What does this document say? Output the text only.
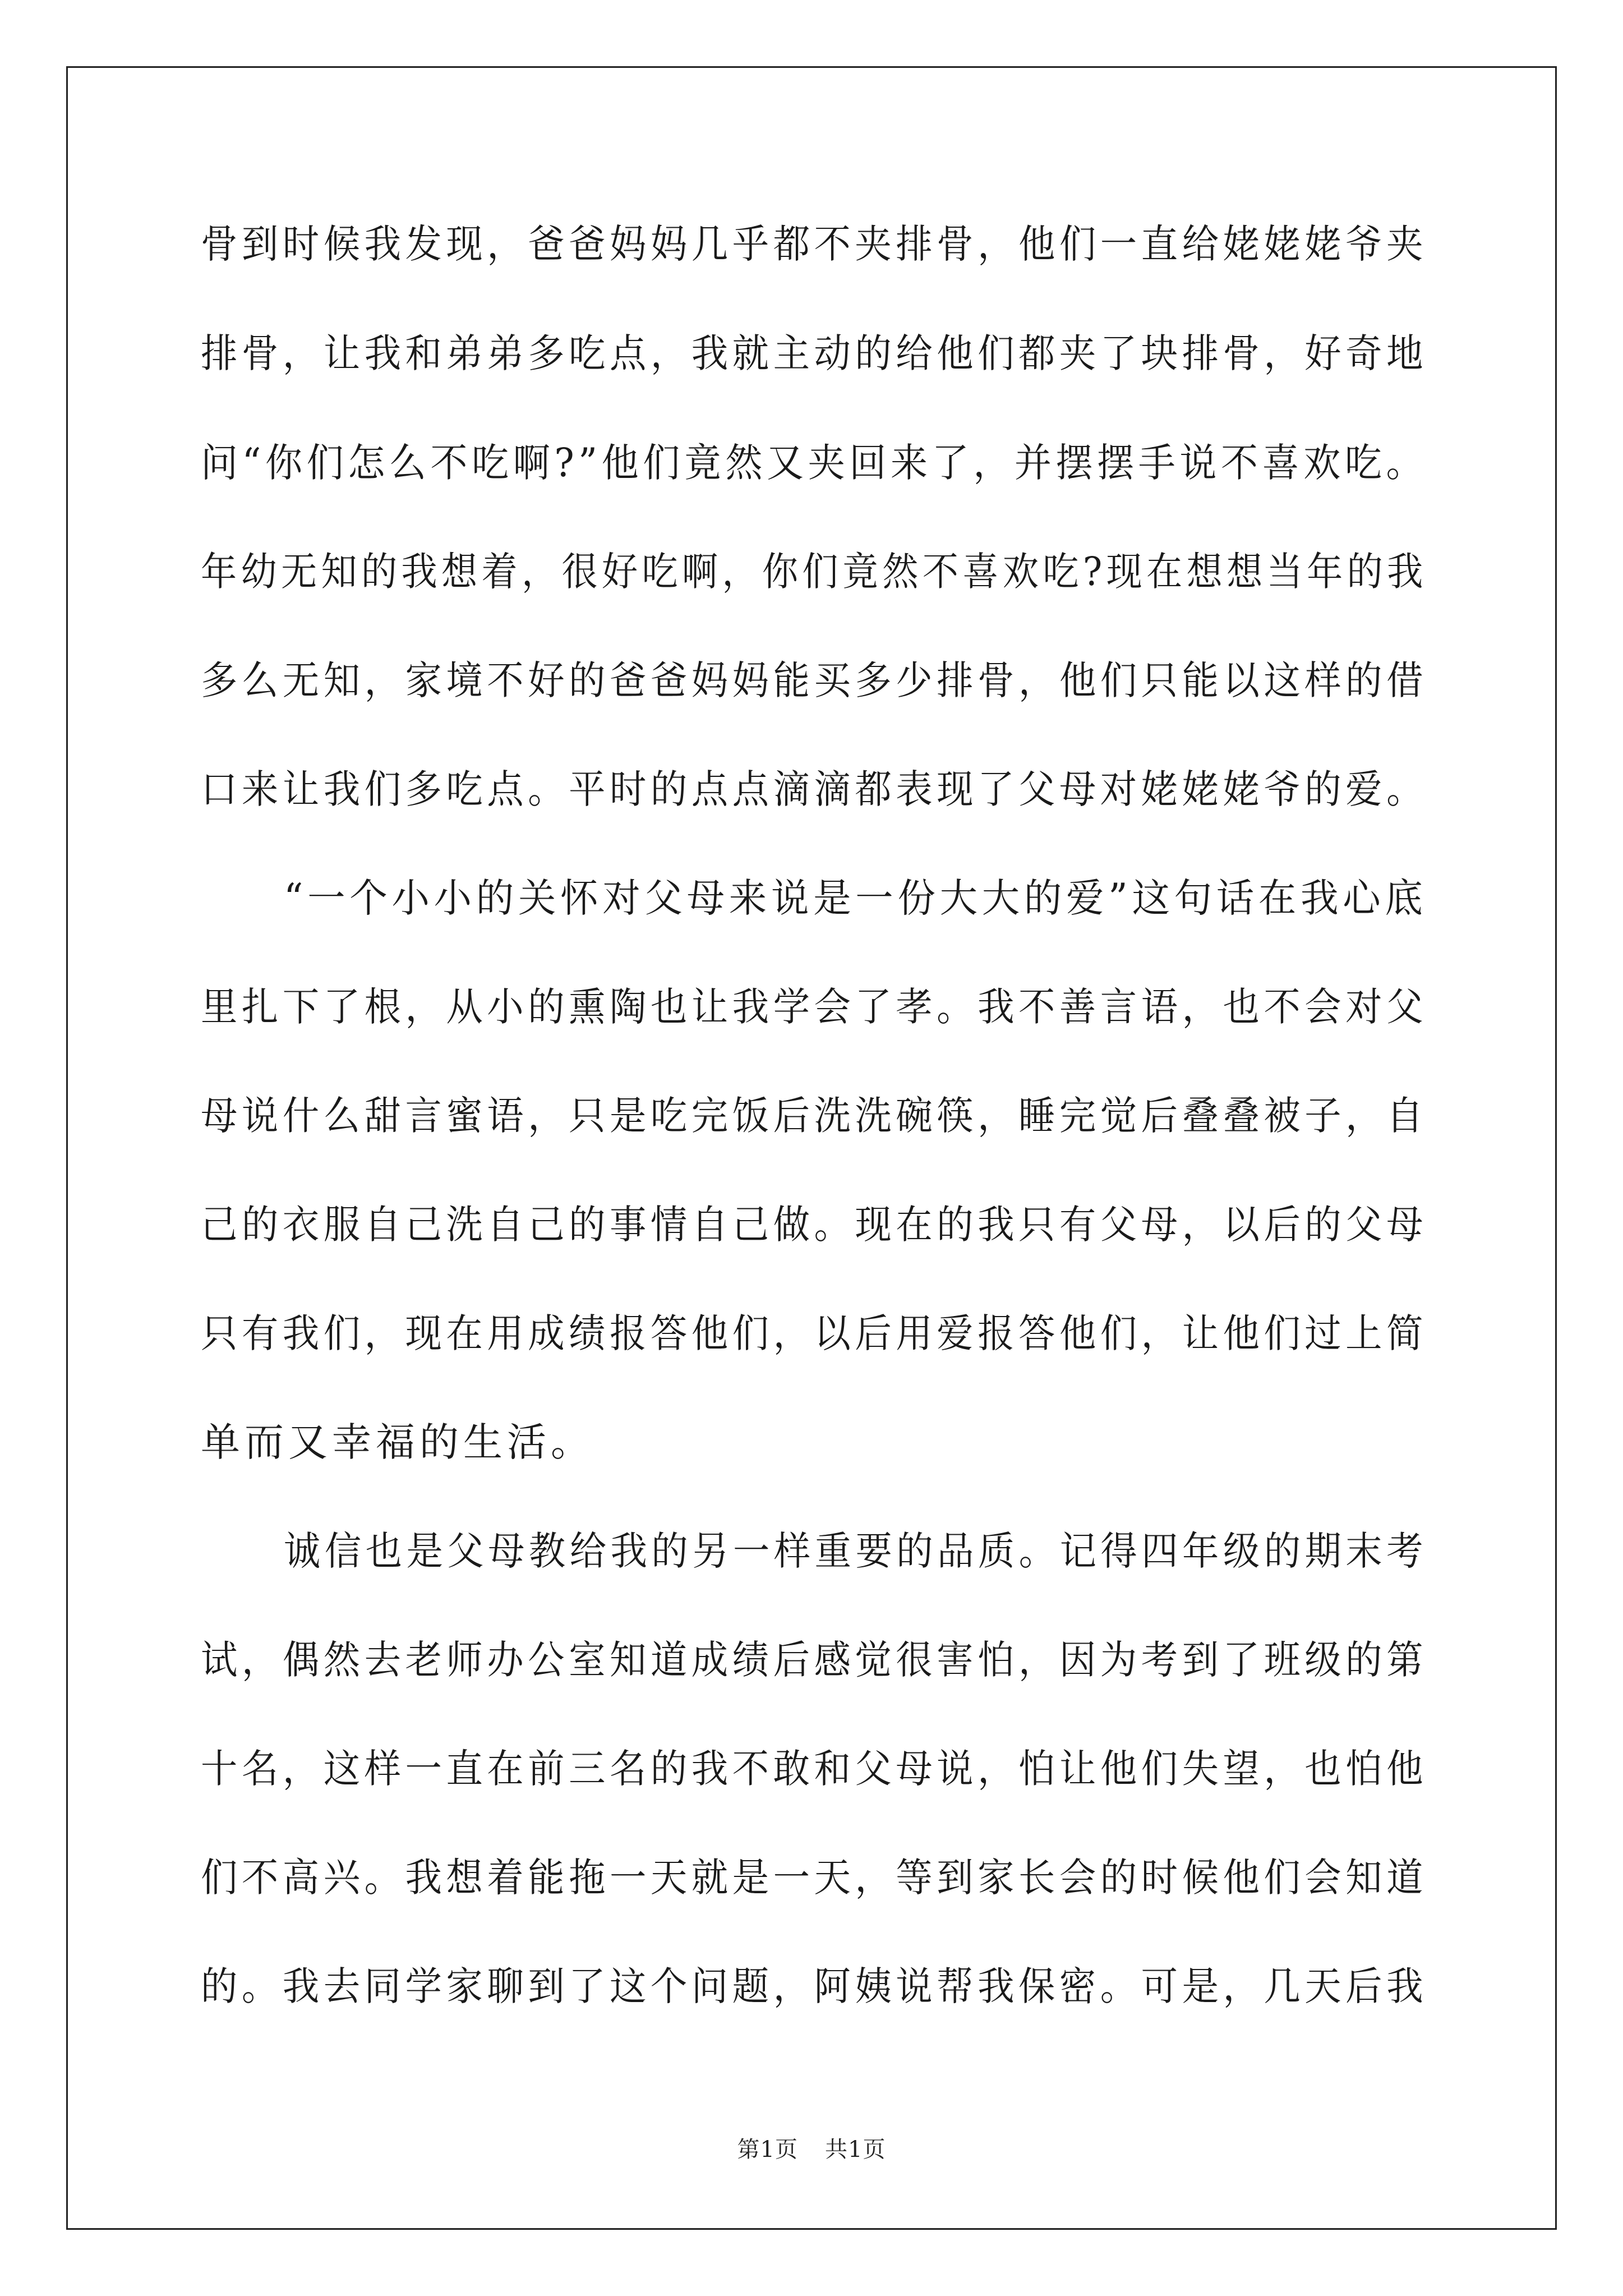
骨到时候我发现，爸爸妈妈几乎都不夹排骨，他们一直给姥姥姥爷夹
排骨，让我和弟弟多吃点，我就主动的给他们都夹了块排骨，好奇地
问“你们怎么不吃啊?”他们竟然又夹回来了，并摆摆手说不喜欢吃。
年幼无知的我想着，很好吃啊，你们竟然不喜欢吃?现在想想当年的我
多么无知，家境不好的爸爸妈妈能买多少排骨，他们只能以这样的借
口来让我们多吃点。平时的点点滴滴都表现了父母对姥姥姥爷的爱。
“一个小小的关怀对父母来说是一份大大的爱”这句话在我心底
里扎下了根，从小的熏陶也让我学会了孝。我不善言语，也不会对父
母说什么甜言蜜语，只是吃完饭后洗洗碗筷，睡完觉后叠叠被子，自
己的衣服自己洗自己的事情自己做。现在的我只有父母，以后的父母
只有我们，现在用成绩报答他们，以后用爱报答他们，让他们过上简
单而又幸福的生活。
诚信也是父母教给我的另一样重要的品质。记得四年级的期末考
试，偶然去老师办公室知道成绩后感觉很害怕，因为考到了班级的第
十名，这样一直在前三名的我不敢和父母说，怕让他们失望，也怕他
们不高兴。我想着能拖一天就是一天，等到家长会的时候他们会知道
的。我去同学家聊到了这个问题，阿姨说帮我保密。可是，几天后我
第1页 共1页
